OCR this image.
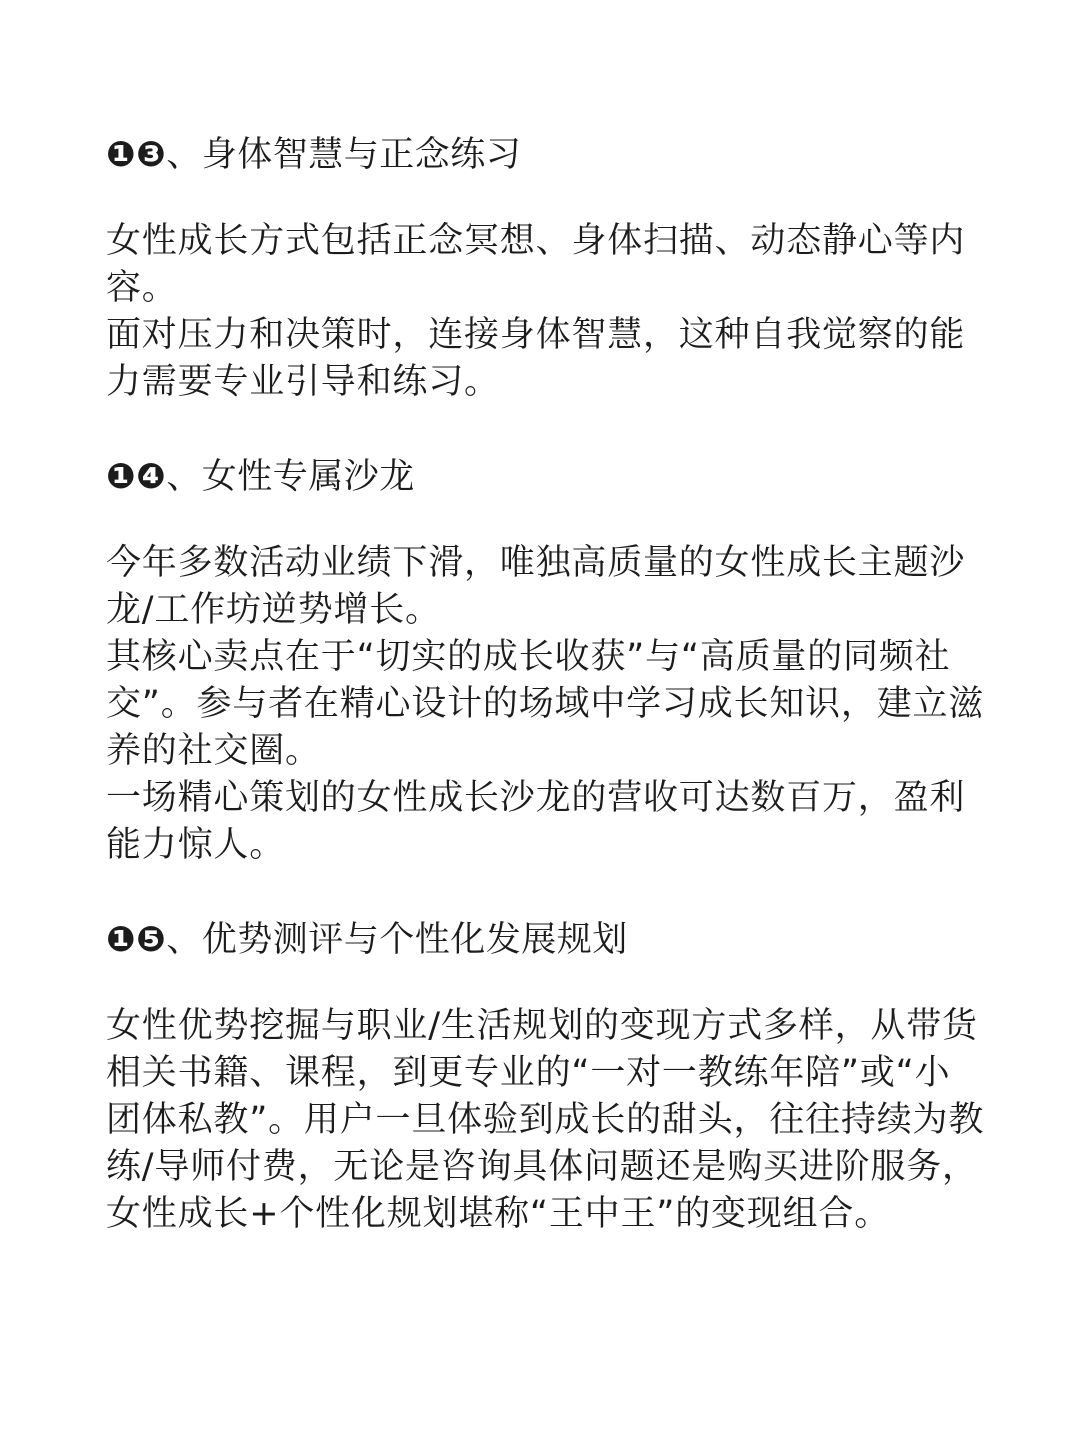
❶❸、身体智慧与正念练习

女性成长方式包括正念冥想、身体扫描、动态静心等内容。

面对压力和决策时，连接身体智慧，这种自我觉察的能力需要专业引导和练习。

❶❹、女性专属沙龙

今年多数活动业绩下滑，唯独高质量的女性成长主题沙龙/工作坊逆势增长。

其核心卖点在于“切实的成长收获”与“高质量的同频社交”。参与者在精心设计的场域中学习成长知识，建立滋养的社交圈。

一场精心策划的女性成长沙龙的营收可达数百万，盈利能力惊人。

❶❺、优势测评与个性化发展规划

女性优势挖掘与职业/生活规划的变现方式多样，从带货相关书籍、课程，到更专业的“一对一教练年陪”或“小团体私教”。用户一旦体验到成长的甜头，往往持续为教练/导师付费，无论是咨询具体问题还是购买进阶服务，女性成长+个性化规划堪称“王中王”的变现组合。
